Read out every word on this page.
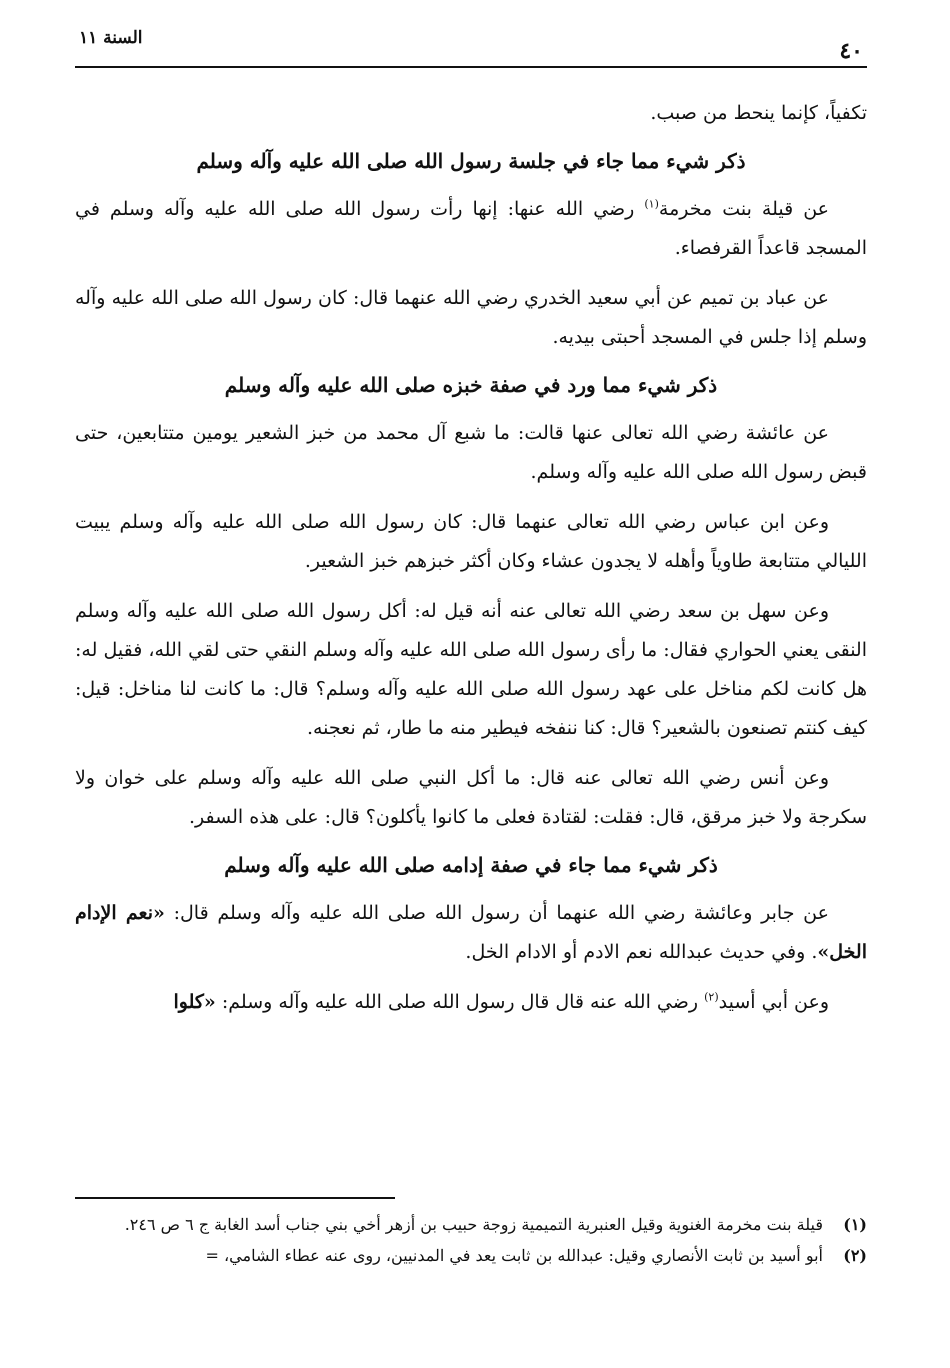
٤٠
السنة ١١

تكفياً، كإنما ينحط من صبب.

ذكر شيء مما جاء في جلسة رسول الله صلى الله عليه وآله وسلم

عن قيلة بنت مخرمة$^{(١)}$ رضي الله عنها: إنها رأت رسول الله صلى الله عليه وآله وسلم في المسجد قاعداً القرفصاء.

عن عباد بن تميم عن أبي سعيد الخدري رضي الله عنهما قال: كان رسول الله صلى الله عليه وآله وسلم إذا جلس في المسجد أحبتى بيديه.

ذكر شيء مما ورد في صفة خبزه صلى الله عليه وآله وسلم

عن عائشة رضي الله تعالى عنها قالت: ما شبع آل محمد من خبز الشعير يومين متتابعين، حتى قبض رسول الله صلى الله عليه وآله وسلم.

وعن ابن عباس رضي الله تعالى عنهما قال: كان رسول الله صلى الله عليه وآله وسلم يبيت الليالي متتابعة طاوياً وأهله لا يجدون عشاء وكان أكثر خبزهم خبز الشعير.

وعن سهل بن سعد رضي الله تعالى عنه أنه قيل له: أكل رسول الله صلى الله عليه وآله وسلم النقى يعني الحواري فقال: ما رأى رسول الله صلى الله عليه وآله وسلم النقي حتى لقي الله، فقيل له: هل كانت لكم مناخل على عهد رسول الله صلى الله عليه وآله وسلم؟ قال: ما كانت لنا مناخل: قيل: كيف كنتم تصنعون بالشعير؟ قال: كنا ننفخه فيطير منه ما طار، ثم نعجنه.

وعن أنس رضي الله تعالى عنه قال: ما أكل النبي صلى الله عليه وآله وسلم على خوان ولا سكرجة ولا خبز مرقق، قال: فقلت: لقتادة فعلى ما كانوا يأكلون؟ قال: على هذه السفر.

ذكر شيء مما جاء في صفة إدامه صلى الله عليه وآله وسلم

عن جابر وعائشة رضي الله عنهما أن رسول الله صلى الله عليه وآله وسلم قال: «نعم الإدام الخل». وفي حديث عبدالله نعم الادم أو الادام الخل.

وعن أبي أسيد$^{(٢)}$ رضي الله عنه قال قال رسول الله صلى الله عليه وآله وسلم: «كلوا

(١)
قيلة بنت مخرمة الغنوية وقيل العنبرية التميمية زوجة حبيب بن أزهر أخي بني جناب أسد الغابة ج ٦ ص ٢٤٦.
(٢)
أبو أسيد بن ثابت الأنصاري وقيل: عبدالله بن ثابت يعد في المدنيين، روى عنه عطاء الشامي، =
